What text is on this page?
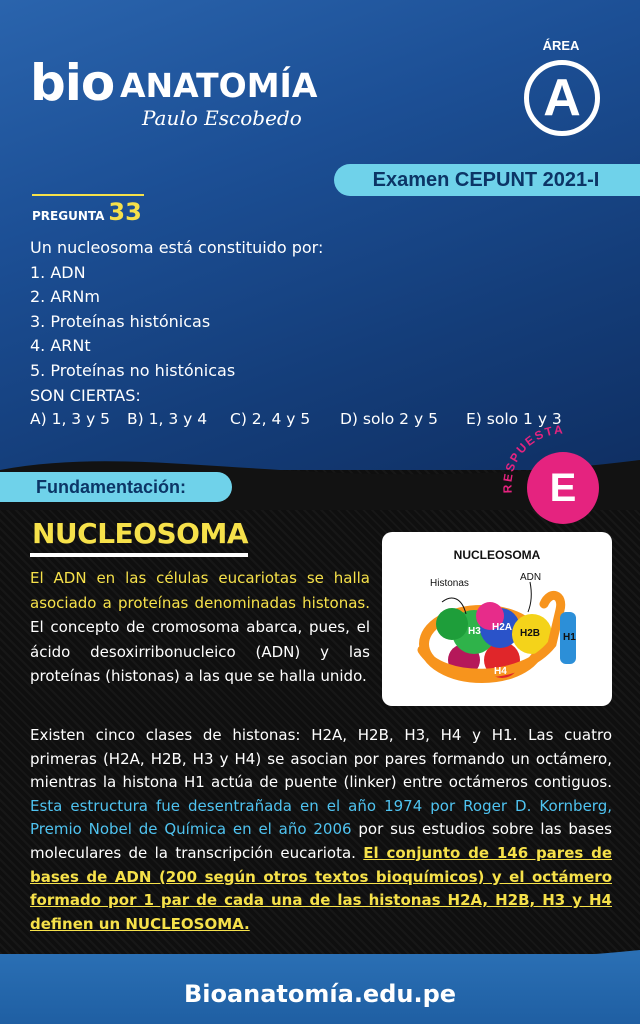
bio ANATOMÍA
Paulo Escobedo
ÁREA
A
Examen CEPUNT 2021-I
PREGUNTA 33
Un nucleosoma está constituido por:
1. ADN
2. ARNm
3. Proteínas histónicas
4. ARNt
5. Proteínas no histónicas
SON CIERTAS:
A) 1, 3 y 5 B) 1, 3 y 4 C) 2, 4 y 5 D) solo 2 y 5 E) solo 1 y 3
RESPUESTA
E
Fundamentación:
NUCLEOSOMA
El ADN en las células eucariotas se halla asociado a proteínas denominadas histonas. El concepto de cromosoma abarca, pues, el ácido desoxirribonucleico (ADN) y las proteínas (histonas) a las que se halla unido.
NUCLEOSOMA
Histonas
ADN
H3 H2A
H2B
H4
H1
Existen cinco clases de histonas: H2A, H2B, H3, H4 y H1. Las cuatro primeras (H2A, H2B, H3 y H4) se asocian por pares formando un octámero, mientras la histona H1 actúa de puente (linker) entre octámeros contiguos. Esta estructura fue desentrañada en el año 1974 por Roger D. Kornberg, Premio Nobel de Química en el año 2006 por sus estudios sobre las bases moleculares de la transcripción eucariota. El conjunto de 146 pares de bases de ADN (200 según otros textos bioquímicos) y el octámero formado por 1 par de cada una de las histonas H2A, H2B, H3 y H4 definen un NUCLEOSOMA.
Bioanatomía.edu.pe
